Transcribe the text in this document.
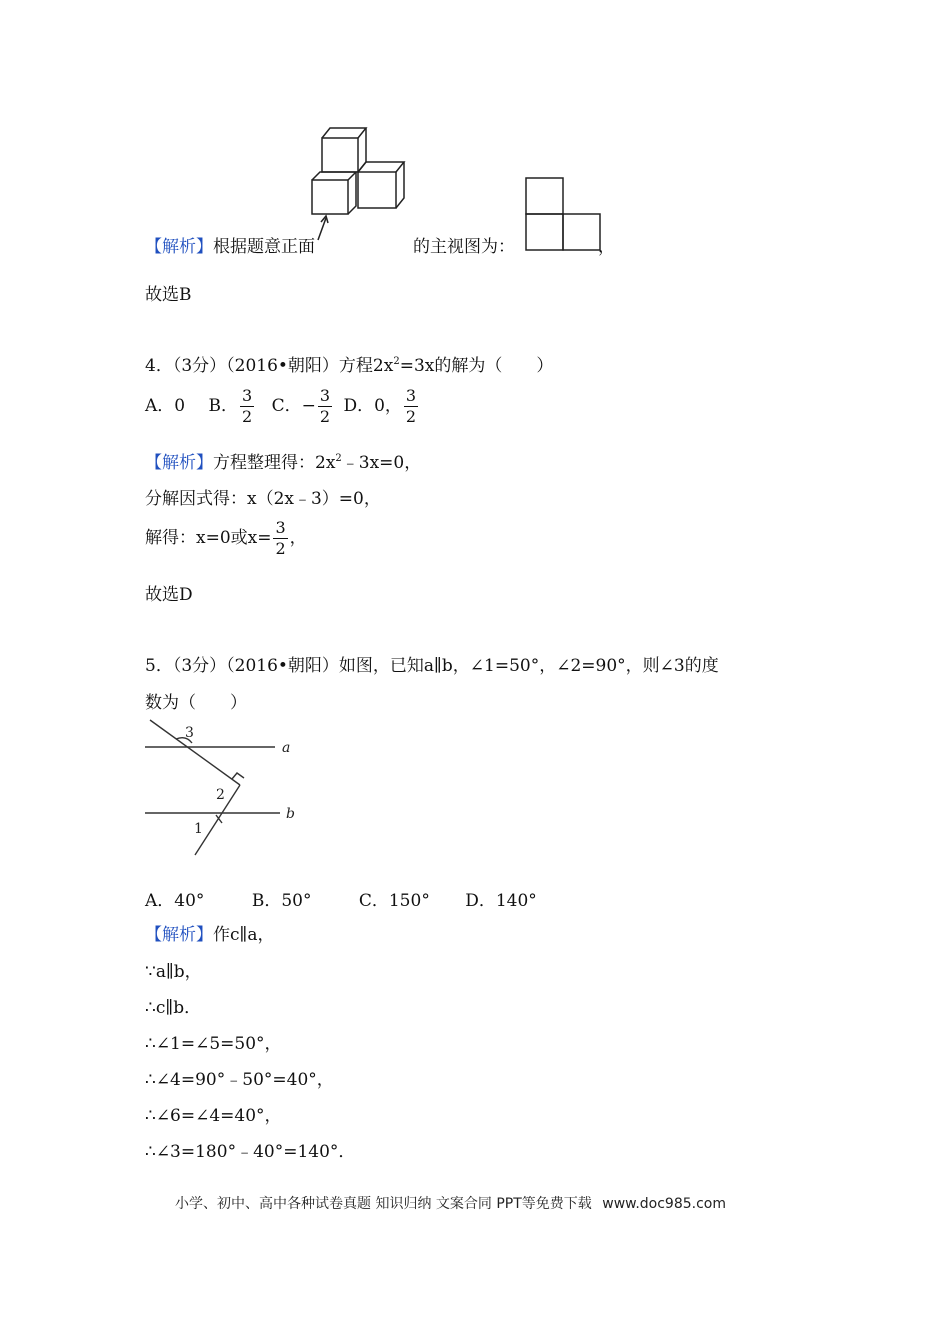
【解析】根据题意正面	的主视图为：	，
故选B
4．（3分）（2016•朝阳）方程$2x^2=3x$的解为（　　）
A．0 B． $\frac{3}{2}$ C．− $\frac{3}{2}$ D．0， $\frac{3}{2}$
【解析】方程整理得：$2x^2﹣3x=0$，
分解因式得：x（2x﹣3）=0，
解得：x=0或$x= \frac{3}{2}$ ，
故选D
5．（3分）（2016•朝阳）如图，已知a∥b，∠1=50°，∠2=90°，则∠3的度
数为（　　）
3
2
1
a
b
A．40°	B．50°	C．150° D．140°
【解析】作c∥a，
∵a∥b，
∴c∥b．
∴∠1=∠5=50°，
∴∠4=90°﹣50°=40°，
∴∠6=∠4=40°，
∴∠3=180°﹣40°=140°．
小学、初中、高中各种试卷真题 知识归纳 文案合同 PPT等免费下载 www.doc985.com
